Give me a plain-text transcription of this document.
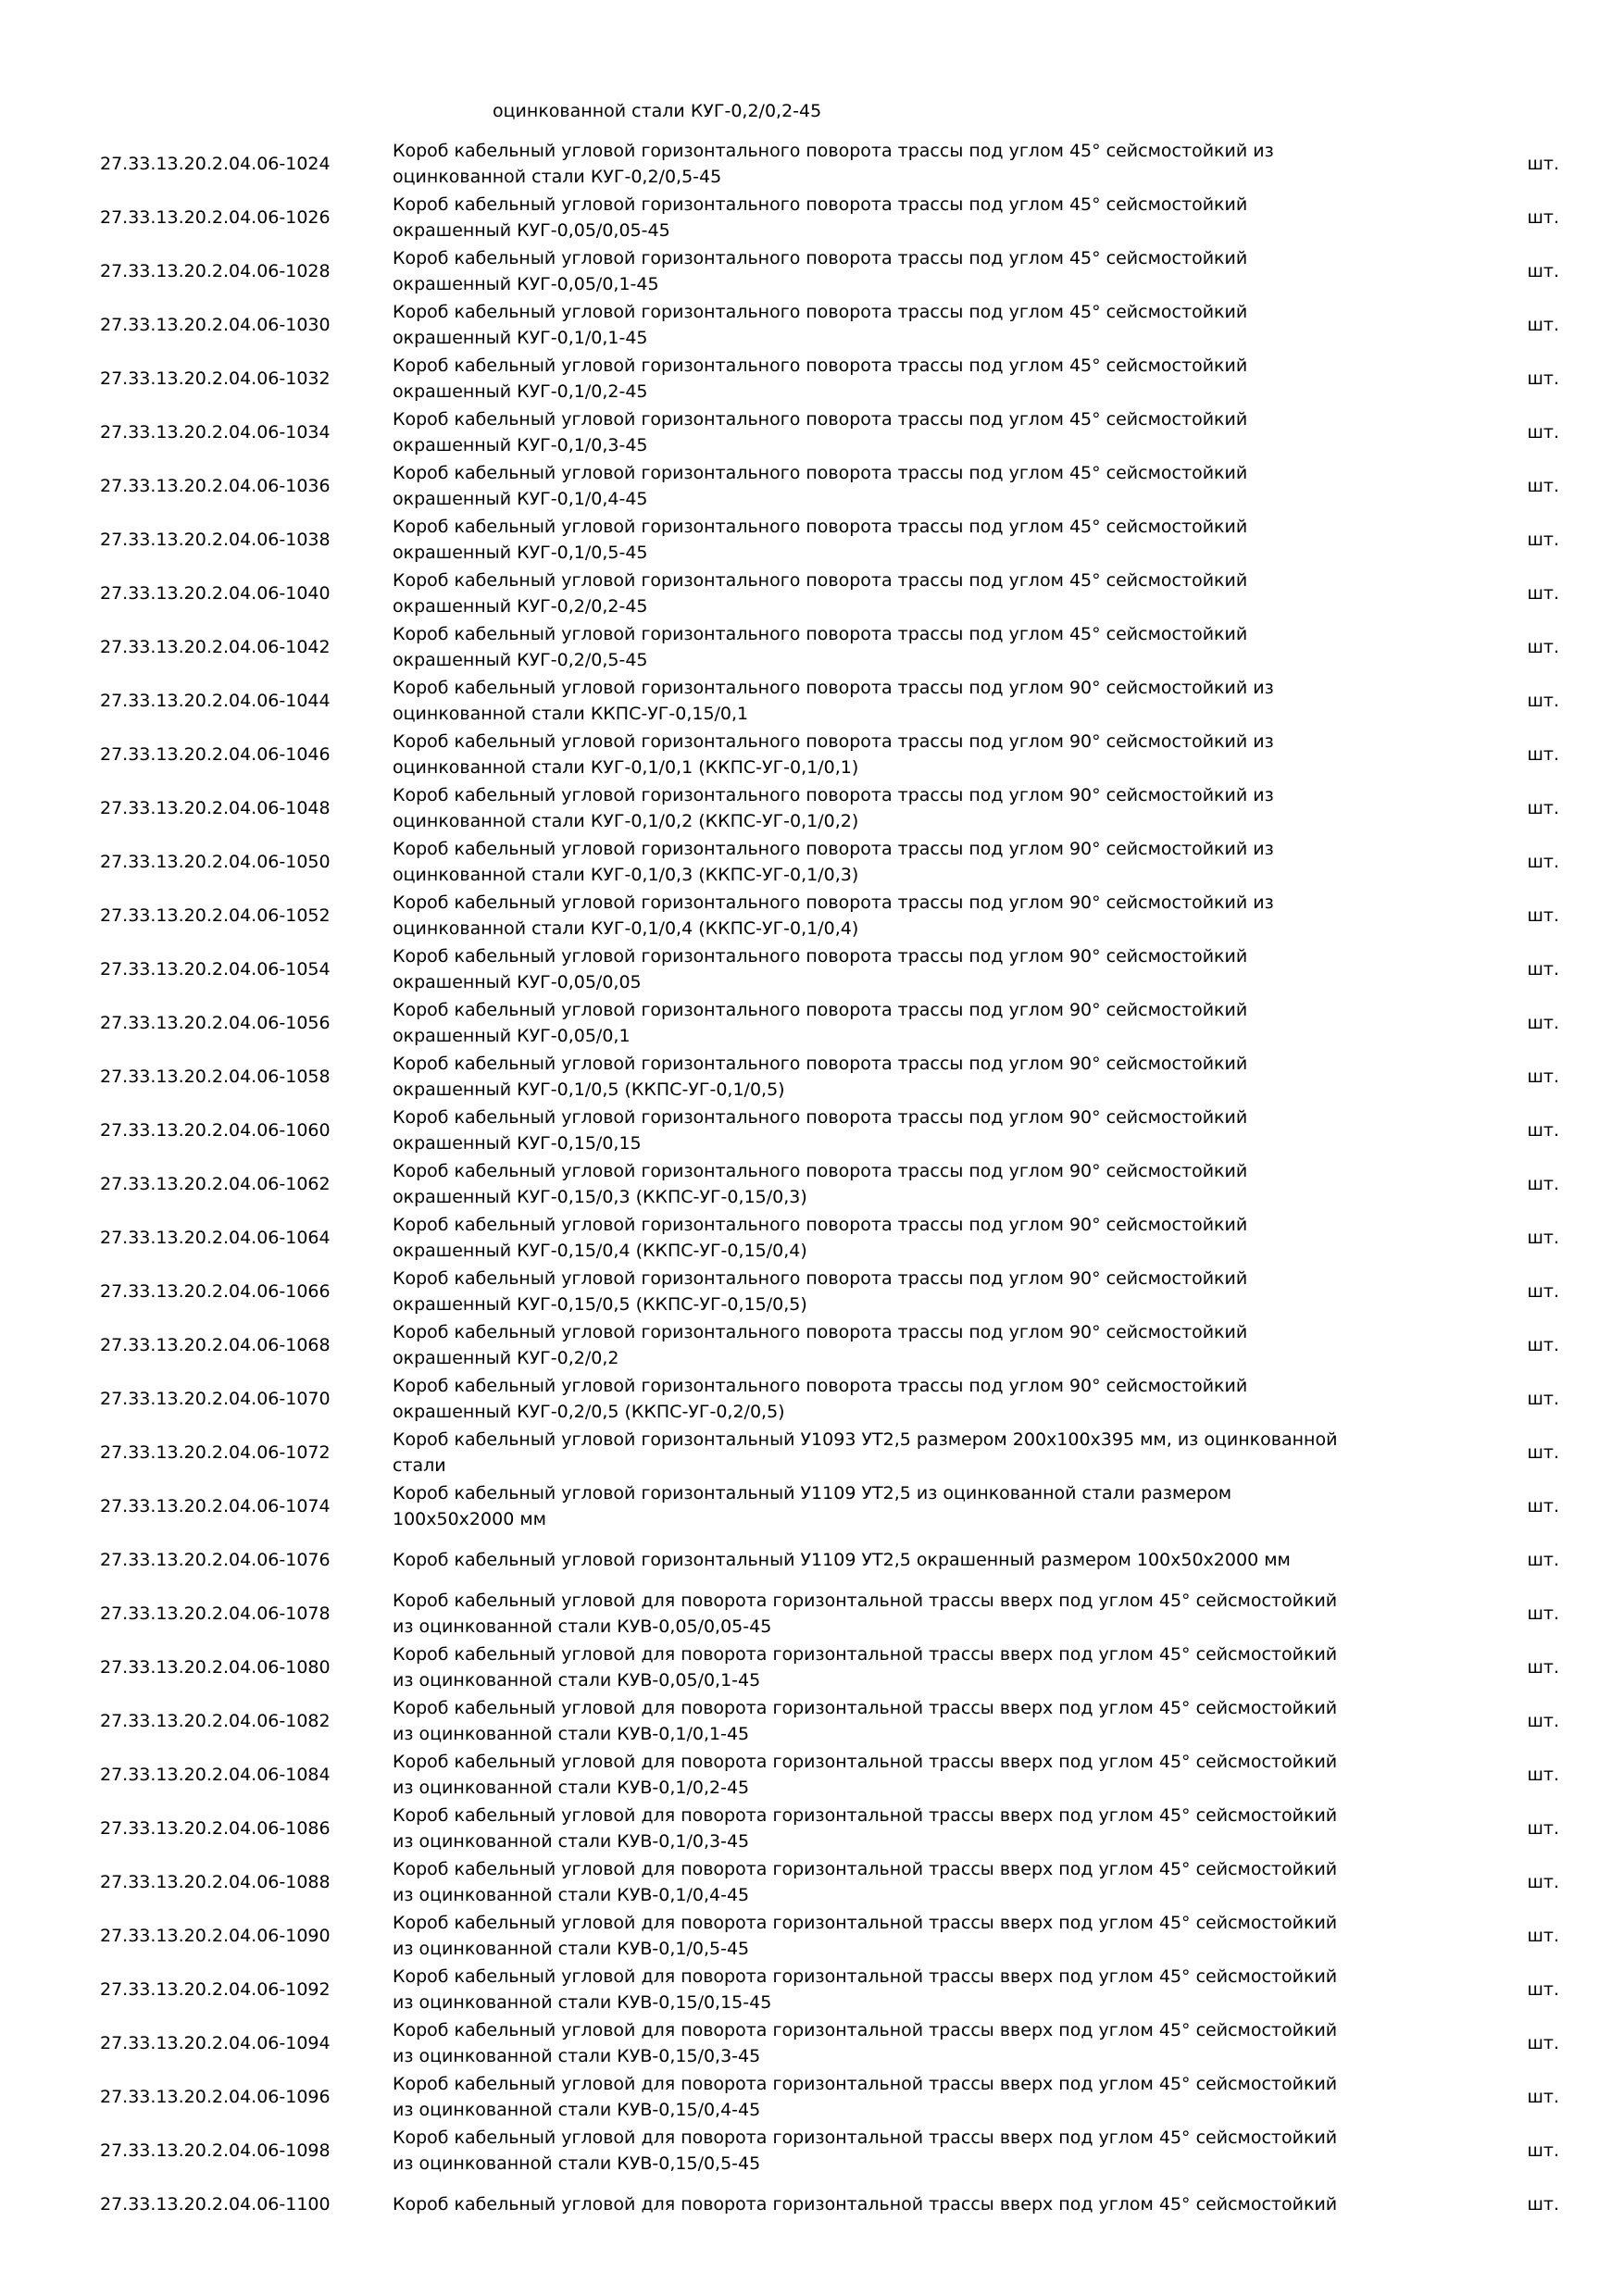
оцинкованной стали КУГ-0,2/0,2-45
27.33.13.20.2.04.06-1024	Короб кабельный угловой горизонтального поворота трассы под углом 45° сейсмостойкий из оцинкованной стали КУГ-0,2/0,5-45	шт.
27.33.13.20.2.04.06-1026	Короб кабельный угловой горизонтального поворота трассы под углом 45° сейсмостойкий окрашенный КУГ-0,05/0,05-45	шт.
27.33.13.20.2.04.06-1028	Короб кабельный угловой горизонтального поворота трассы под углом 45° сейсмостойкий окрашенный КУГ-0,05/0,1-45	шт.
27.33.13.20.2.04.06-1030	Короб кабельный угловой горизонтального поворота трассы под углом 45° сейсмостойкий окрашенный КУГ-0,1/0,1-45	шт.
27.33.13.20.2.04.06-1032	Короб кабельный угловой горизонтального поворота трассы под углом 45° сейсмостойкий окрашенный КУГ-0,1/0,2-45	шт.
27.33.13.20.2.04.06-1034	Короб кабельный угловой горизонтального поворота трассы под углом 45° сейсмостойкий окрашенный КУГ-0,1/0,3-45	шт.
27.33.13.20.2.04.06-1036	Короб кабельный угловой горизонтального поворота трассы под углом 45° сейсмостойкий окрашенный КУГ-0,1/0,4-45	шт.
27.33.13.20.2.04.06-1038	Короб кабельный угловой горизонтального поворота трассы под углом 45° сейсмостойкий окрашенный КУГ-0,1/0,5-45	шт.
27.33.13.20.2.04.06-1040	Короб кабельный угловой горизонтального поворота трассы под углом 45° сейсмостойкий окрашенный КУГ-0,2/0,2-45	шт.
27.33.13.20.2.04.06-1042	Короб кабельный угловой горизонтального поворота трассы под углом 45° сейсмостойкий окрашенный КУГ-0,2/0,5-45	шт.
27.33.13.20.2.04.06-1044	Короб кабельный угловой горизонтального поворота трассы под углом 90° сейсмостойкий из оцинкованной стали ККПС-УГ-0,15/0,1	шт.
27.33.13.20.2.04.06-1046	Короб кабельный угловой горизонтального поворота трассы под углом 90° сейсмостойкий из оцинкованной стали КУГ-0,1/0,1 (ККПС-УГ-0,1/0,1)	шт.
27.33.13.20.2.04.06-1048	Короб кабельный угловой горизонтального поворота трассы под углом 90° сейсмостойкий из оцинкованной стали КУГ-0,1/0,2 (ККПС-УГ-0,1/0,2)	шт.
27.33.13.20.2.04.06-1050	Короб кабельный угловой горизонтального поворота трассы под углом 90° сейсмостойкий из оцинкованной стали КУГ-0,1/0,3 (ККПС-УГ-0,1/0,3)	шт.
27.33.13.20.2.04.06-1052	Короб кабельный угловой горизонтального поворота трассы под углом 90° сейсмостойкий из оцинкованной стали КУГ-0,1/0,4 (ККПС-УГ-0,1/0,4)	шт.
27.33.13.20.2.04.06-1054	Короб кабельный угловой горизонтального поворота трассы под углом 90° сейсмостойкий окрашенный КУГ-0,05/0,05	шт.
27.33.13.20.2.04.06-1056	Короб кабельный угловой горизонтального поворота трассы под углом 90° сейсмостойкий окрашенный КУГ-0,05/0,1	шт.
27.33.13.20.2.04.06-1058	Короб кабельный угловой горизонтального поворота трассы под углом 90° сейсмостойкий окрашенный КУГ-0,1/0,5 (ККПС-УГ-0,1/0,5)	шт.
27.33.13.20.2.04.06-1060	Короб кабельный угловой горизонтального поворота трассы под углом 90° сейсмостойкий окрашенный КУГ-0,15/0,15	шт.
27.33.13.20.2.04.06-1062	Короб кабельный угловой горизонтального поворота трассы под углом 90° сейсмостойкий окрашенный КУГ-0,15/0,3 (ККПС-УГ-0,15/0,3)	шт.
27.33.13.20.2.04.06-1064	Короб кабельный угловой горизонтального поворота трассы под углом 90° сейсмостойкий окрашенный КУГ-0,15/0,4 (ККПС-УГ-0,15/0,4)	шт.
27.33.13.20.2.04.06-1066	Короб кабельный угловой горизонтального поворота трассы под углом 90° сейсмостойкий окрашенный КУГ-0,15/0,5 (ККПС-УГ-0,15/0,5)	шт.
27.33.13.20.2.04.06-1068	Короб кабельный угловой горизонтального поворота трассы под углом 90° сейсмостойкий окрашенный КУГ-0,2/0,2	шт.
27.33.13.20.2.04.06-1070	Короб кабельный угловой горизонтального поворота трассы под углом 90° сейсмостойкий окрашенный КУГ-0,2/0,5 (ККПС-УГ-0,2/0,5)	шт.
27.33.13.20.2.04.06-1072	Короб кабельный угловой горизонтальный У1093 УТ2,5 размером 200х100х395 мм, из оцинкованной стали	шт.
27.33.13.20.2.04.06-1074	Короб кабельный угловой горизонтальный У1109 УТ2,5 из оцинкованной стали размером 100х50х2000 мм	шт.
27.33.13.20.2.04.06-1076	Короб кабельный угловой горизонтальный У1109 УТ2,5 окрашенный размером 100х50х2000 мм	шт.
27.33.13.20.2.04.06-1078	Короб кабельный угловой для поворота горизонтальной трассы вверх под углом 45° сейсмостойкий из оцинкованной стали КУВ-0,05/0,05-45	шт.
27.33.13.20.2.04.06-1080	Короб кабельный угловой для поворота горизонтальной трассы вверх под углом 45° сейсмостойкий из оцинкованной стали КУВ-0,05/0,1-45	шт.
27.33.13.20.2.04.06-1082	Короб кабельный угловой для поворота горизонтальной трассы вверх под углом 45° сейсмостойкий из оцинкованной стали КУВ-0,1/0,1-45	шт.
27.33.13.20.2.04.06-1084	Короб кабельный угловой для поворота горизонтальной трассы вверх под углом 45° сейсмостойкий из оцинкованной стали КУВ-0,1/0,2-45	шт.
27.33.13.20.2.04.06-1086	Короб кабельный угловой для поворота горизонтальной трассы вверх под углом 45° сейсмостойкий из оцинкованной стали КУВ-0,1/0,3-45	шт.
27.33.13.20.2.04.06-1088	Короб кабельный угловой для поворота горизонтальной трассы вверх под углом 45° сейсмостойкий из оцинкованной стали КУВ-0,1/0,4-45	шт.
27.33.13.20.2.04.06-1090	Короб кабельный угловой для поворота горизонтальной трассы вверх под углом 45° сейсмостойкий из оцинкованной стали КУВ-0,1/0,5-45	шт.
27.33.13.20.2.04.06-1092	Короб кабельный угловой для поворота горизонтальной трассы вверх под углом 45° сейсмостойкий из оцинкованной стали КУВ-0,15/0,15-45	шт.
27.33.13.20.2.04.06-1094	Короб кабельный угловой для поворота горизонтальной трассы вверх под углом 45° сейсмостойкий из оцинкованной стали КУВ-0,15/0,3-45	шт.
27.33.13.20.2.04.06-1096	Короб кабельный угловой для поворота горизонтальной трассы вверх под углом 45° сейсмостойкий из оцинкованной стали КУВ-0,15/0,4-45	шт.
27.33.13.20.2.04.06-1098	Короб кабельный угловой для поворота горизонтальной трассы вверх под углом 45° сейсмостойкий из оцинкованной стали КУВ-0,15/0,5-45	шт.
27.33.13.20.2.04.06-1100	Короб кабельный угловой для поворота горизонтальной трассы вверх под углом 45° сейсмостойкий	шт.
